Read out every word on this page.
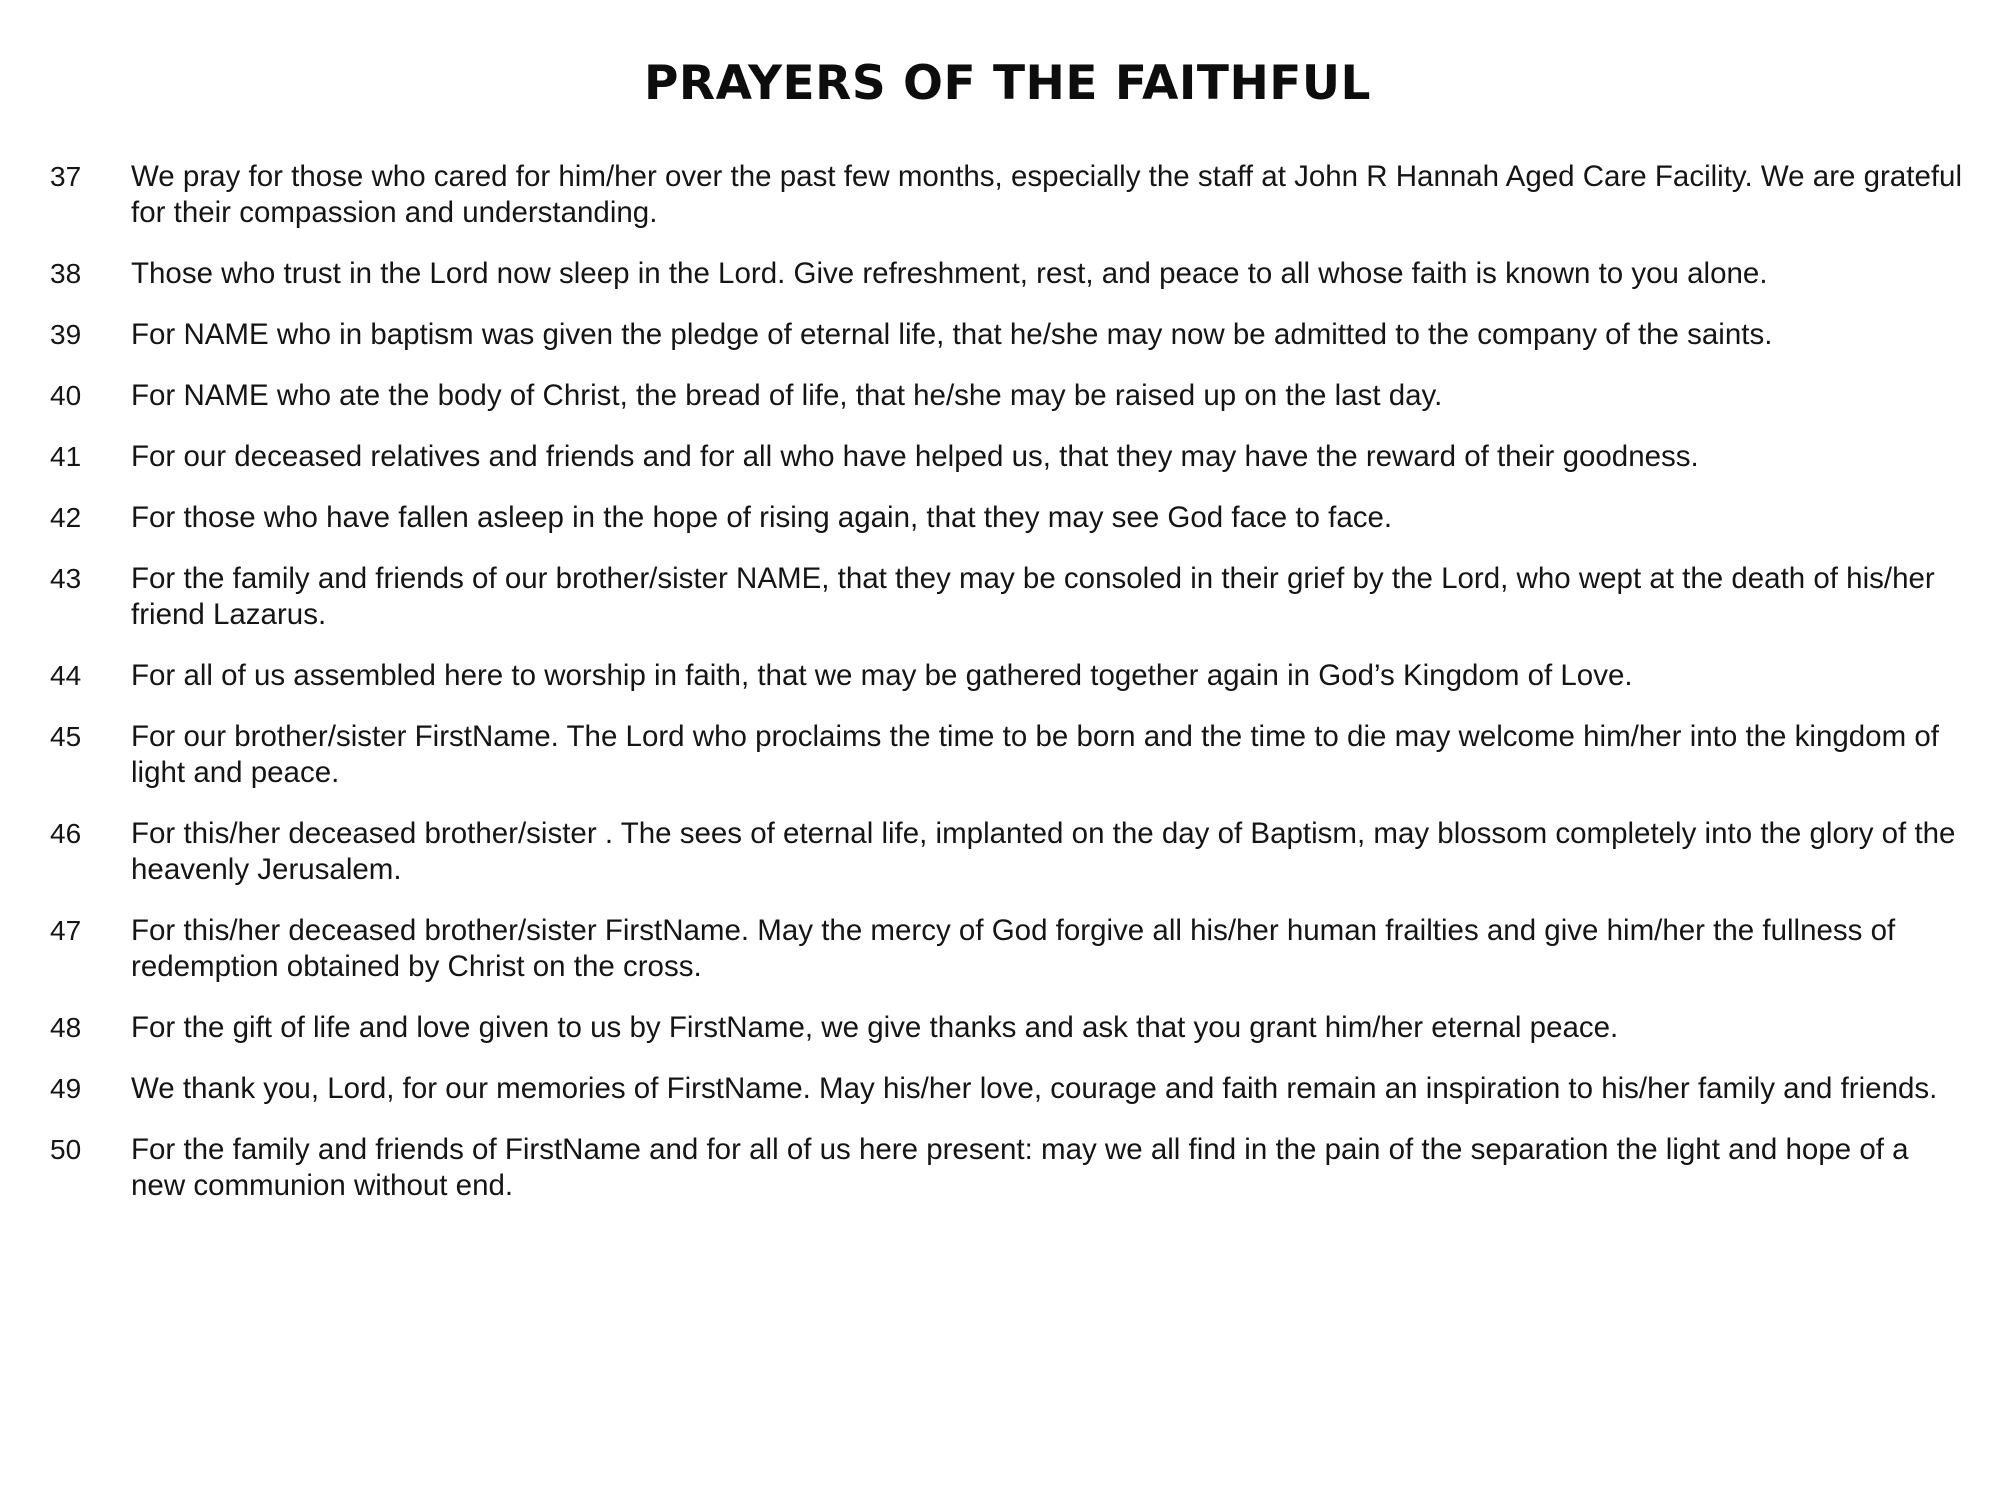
PRAYERS OF THE FAITHFUL
37	We pray for those who cared for him/her over the past few months, especially the staff at John R Hannah Aged Care Facility. We are grateful for their compassion and understanding.
38	Those who trust in the Lord now sleep in the Lord. Give refreshment, rest, and peace to all whose faith is known to you alone.
39	For NAME who in baptism was given the pledge of eternal life, that he/she may now be admitted to the company of the saints.
40	For NAME who ate the body of Christ, the bread of life, that he/she may be raised up on the last day.
41	For our deceased relatives and friends and for all who have helped us, that they may have the reward of their goodness.
42	For those who have fallen asleep in the hope of rising again, that they may see God face to face.
43	For the family and friends of our brother/sister NAME, that they may be consoled in their grief by the Lord, who wept at the death of his/her friend Lazarus.
44	For all of us assembled here to worship in faith, that we may be gathered together again in God’s Kingdom of Love.
45	For our brother/sister FirstName. The Lord who proclaims the time to be born and the time to die may welcome him/her into the kingdom of light and peace.
46	For this/her deceased brother/sister . The sees of eternal life, implanted on the day of Baptism, may blossom completely into the glory of the heavenly Jerusalem.
47	For this/her deceased brother/sister FirstName. May the mercy of God forgive all his/her human frailties and give him/her the fullness of redemption obtained by Christ on the cross.
48	For the gift of life and love given to us by FirstName, we give thanks and ask that you grant him/her eternal peace.
49	We thank you, Lord, for our memories of FirstName. May his/her love, courage and faith remain an inspiration to his/her family and friends.
50	For the family and friends of FirstName and for all of us here present: may we all find in the pain of the separation the light and hope of a new communion without end.
